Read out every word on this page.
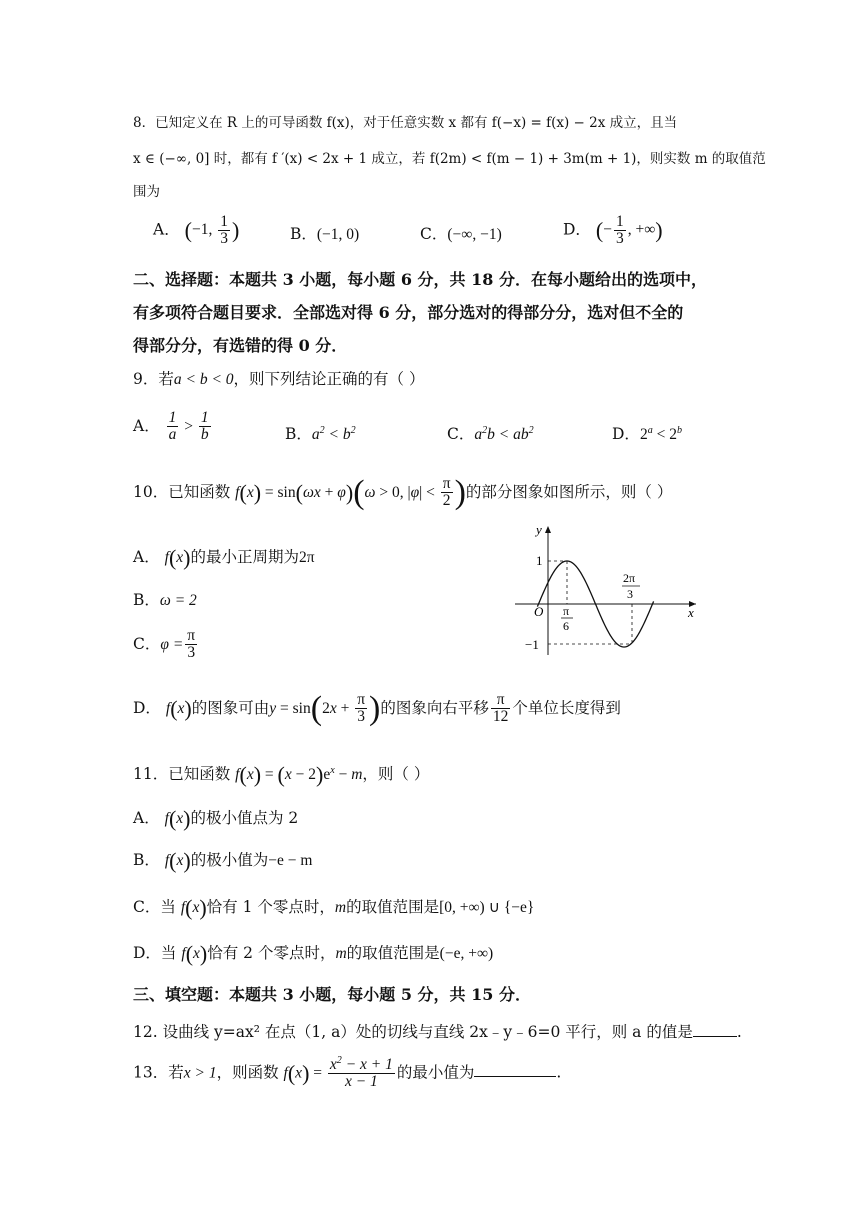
8．已知定义在 R 上的可导函数 f(x)，对于任意实数 x 都有 f(−x) = f(x) − 2x 成立，且当
x ∈ (−∞, 0] 时，都有 f ′(x) < 2x + 1 成立，若 f(2m) < f(m − 1) + 3m(m + 1)，则实数 m 的取值范
围为
A． (−1, $\frac{1}{3}$ )	B．(−1, 0)	C．(−∞, −1)	D． (− $\frac{1}{3}$ , +∞)
二、选择题：本题共 3 小题，每小题 6 分，共 18 分．在每小题给出的选项中，
有多项符合题目要求．全部选对得 6 分，部分选对的得部分分，选对但不全的
得部分分，有选错的得 0 分．
9．若a < b < 0，则下列结论正确的有（ ）
A． $\frac{1}{a} > \frac{1}{b}$	B．$a^2 < b^2$	C．$a^2b < ab^2$	D．$2^a < 2^b$
10．已知函数 f(x) = sin(ωx + φ)(ω > 0, $|\varphi| < \frac{\pi}{2}$ )的部分图象如图所示，则（ ）
A． f(x)的最小正周期为2π
B．ω = 2
C．$\varphi = \frac{\pi}{3}$
D． f(x)的图象可由$y = \sin(2x + \frac{\pi}{3}$ )的图象向右平移 $\frac{\pi}{12}$ 个单位长度得到
y
x
O
1
−1
π
6
2π
3
11．已知函数 $f(x) = (x - 2)e^x - m$，则（ ）
A． f(x)的极小值点为 2
B． f(x)的极小值为−e − m
C．当 f(x)恰有 1 个零点时，m的取值范围是[0, +∞) ∪ {−e}
D．当 f(x)恰有 2 个零点时，m的取值范围是(−e, +∞)
三、填空题：本题共 3 小题，每小题 5 分，共 15 分．
12. 设曲线 y=ax² 在点（1, a）处的切线与直线 2x﹣y﹣6=0 平行，则 a 的值是	.
13．若x > 1，则函数 $f(x) = \frac{x^2 - x + 1}{x - 1}$ 的最小值为	.
